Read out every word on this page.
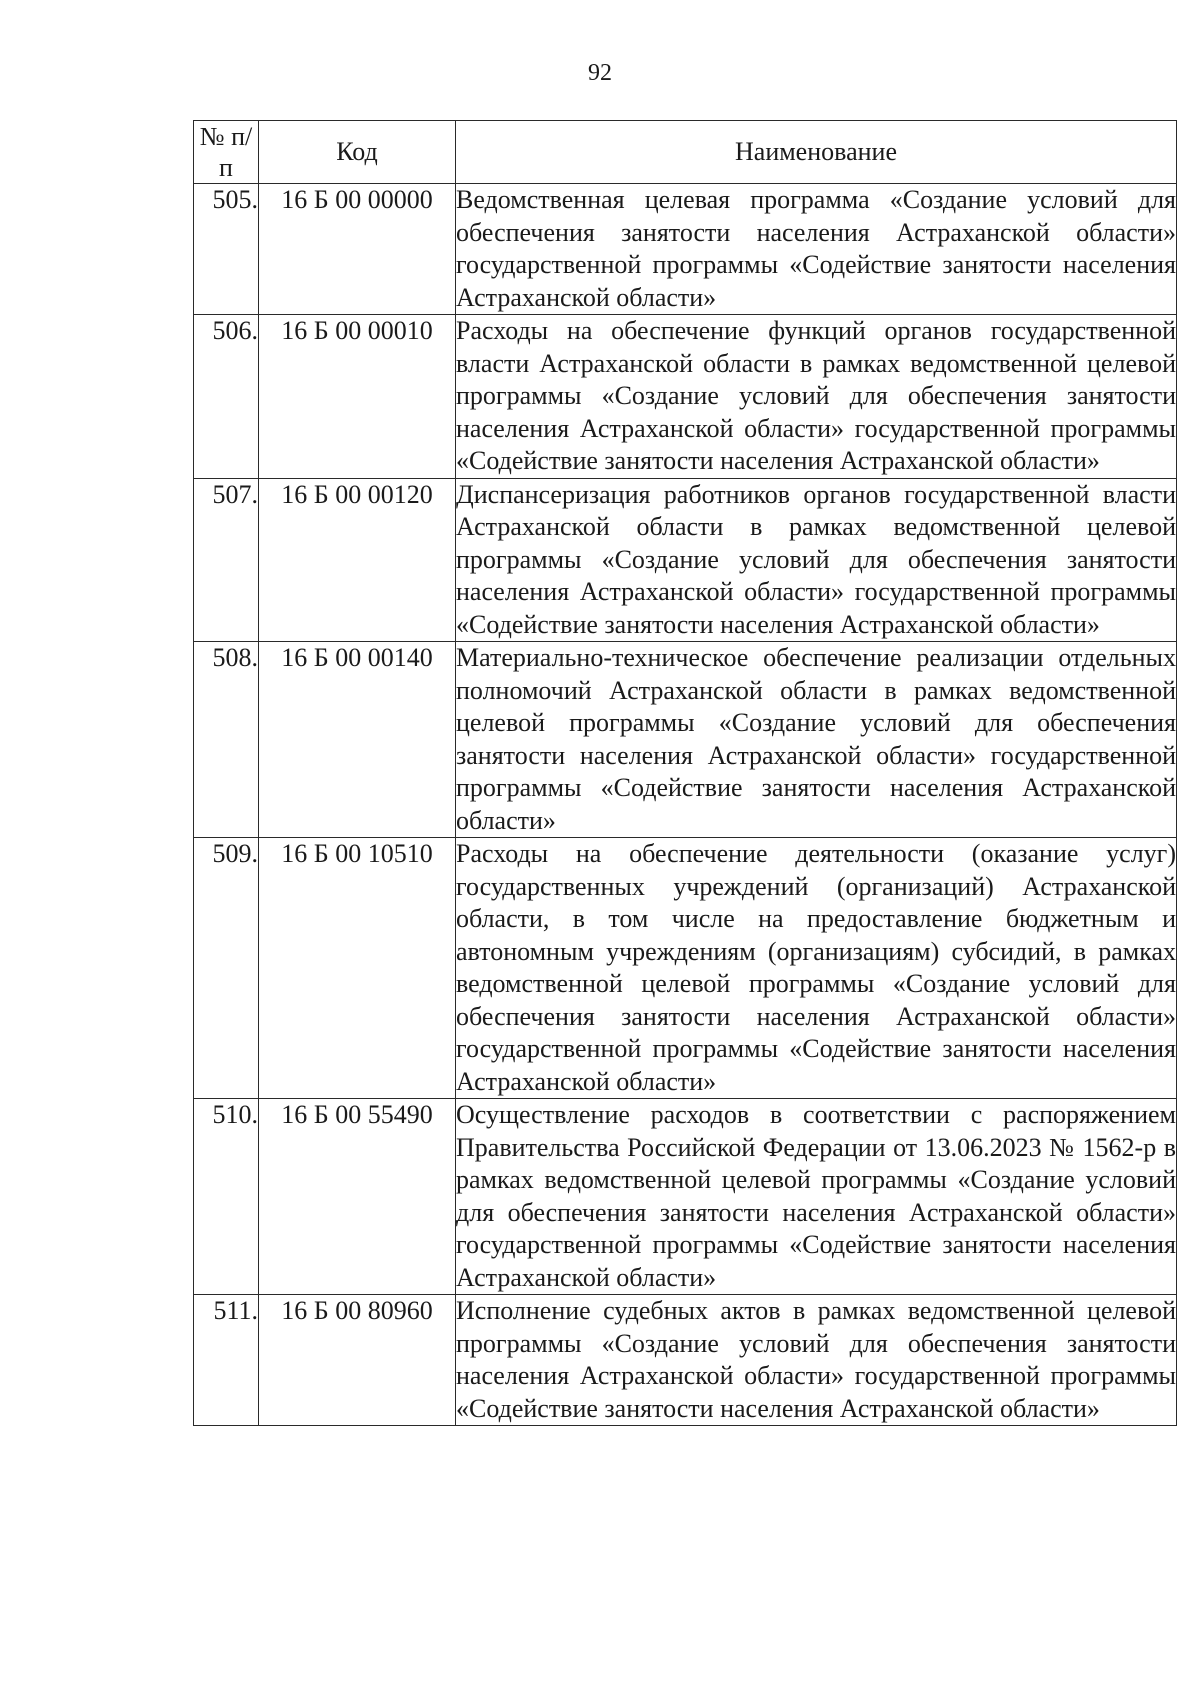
92
№ п/п	Код	Наименование
505.	16 Б 00 00000	Ведомственная целевая программа «Создание условий для обеспечения занятости населения Астраханской области» государственной программы «Содействие занятости населения Астраханской области»
506.	16 Б 00 00010	Расходы на обеспечение функций органов государственной власти Астраханской области в рамках ведомственной целевой программы «Создание условий для обеспечения занятости населения Астраханской области» государственной программы «Содействие занятости населения Астраханской области»
507.	16 Б 00 00120	Диспансеризация работников органов государственной власти Астраханской области в рамках ведомственной целевой программы «Создание условий для обеспечения занятости населения Астраханской области» государственной программы «Содействие занятости населения Астраханской области»
508.	16 Б 00 00140	Материально-техническое обеспечение реализации отдельных полномочий Астраханской области в рамках ведомственной целевой программы «Создание условий для обеспечения занятости населения Астраханской области» государственной программы «Содействие занятости населения Астраханской области»
509.	16 Б 00 10510	Расходы на обеспечение деятельности (оказание услуг) государственных учреждений (организаций) Астраханской области, в том числе на предоставление бюджетным и автономным учреждениям (организациям) субсидий, в рамках ведомственной целевой программы «Создание условий для обеспечения занятости населения Астраханской области» государственной программы «Содействие занятости населения Астраханской области»
510.	16 Б 00 55490	Осуществление расходов в соответствии с распоряжением Правительства Российской Федерации от 13.06.2023 № 1562-р в рамках ведомственной целевой программы «Создание условий для обеспечения занятости населения Астраханской области» государственной программы «Содействие занятости населения Астраханской области»
511.	16 Б 00 80960	Исполнение судебных актов в рамках ведомственной целевой программы «Создание условий для обеспечения занятости населения Астраханской области» государственной программы «Содействие занятости населения Астраханской области»
